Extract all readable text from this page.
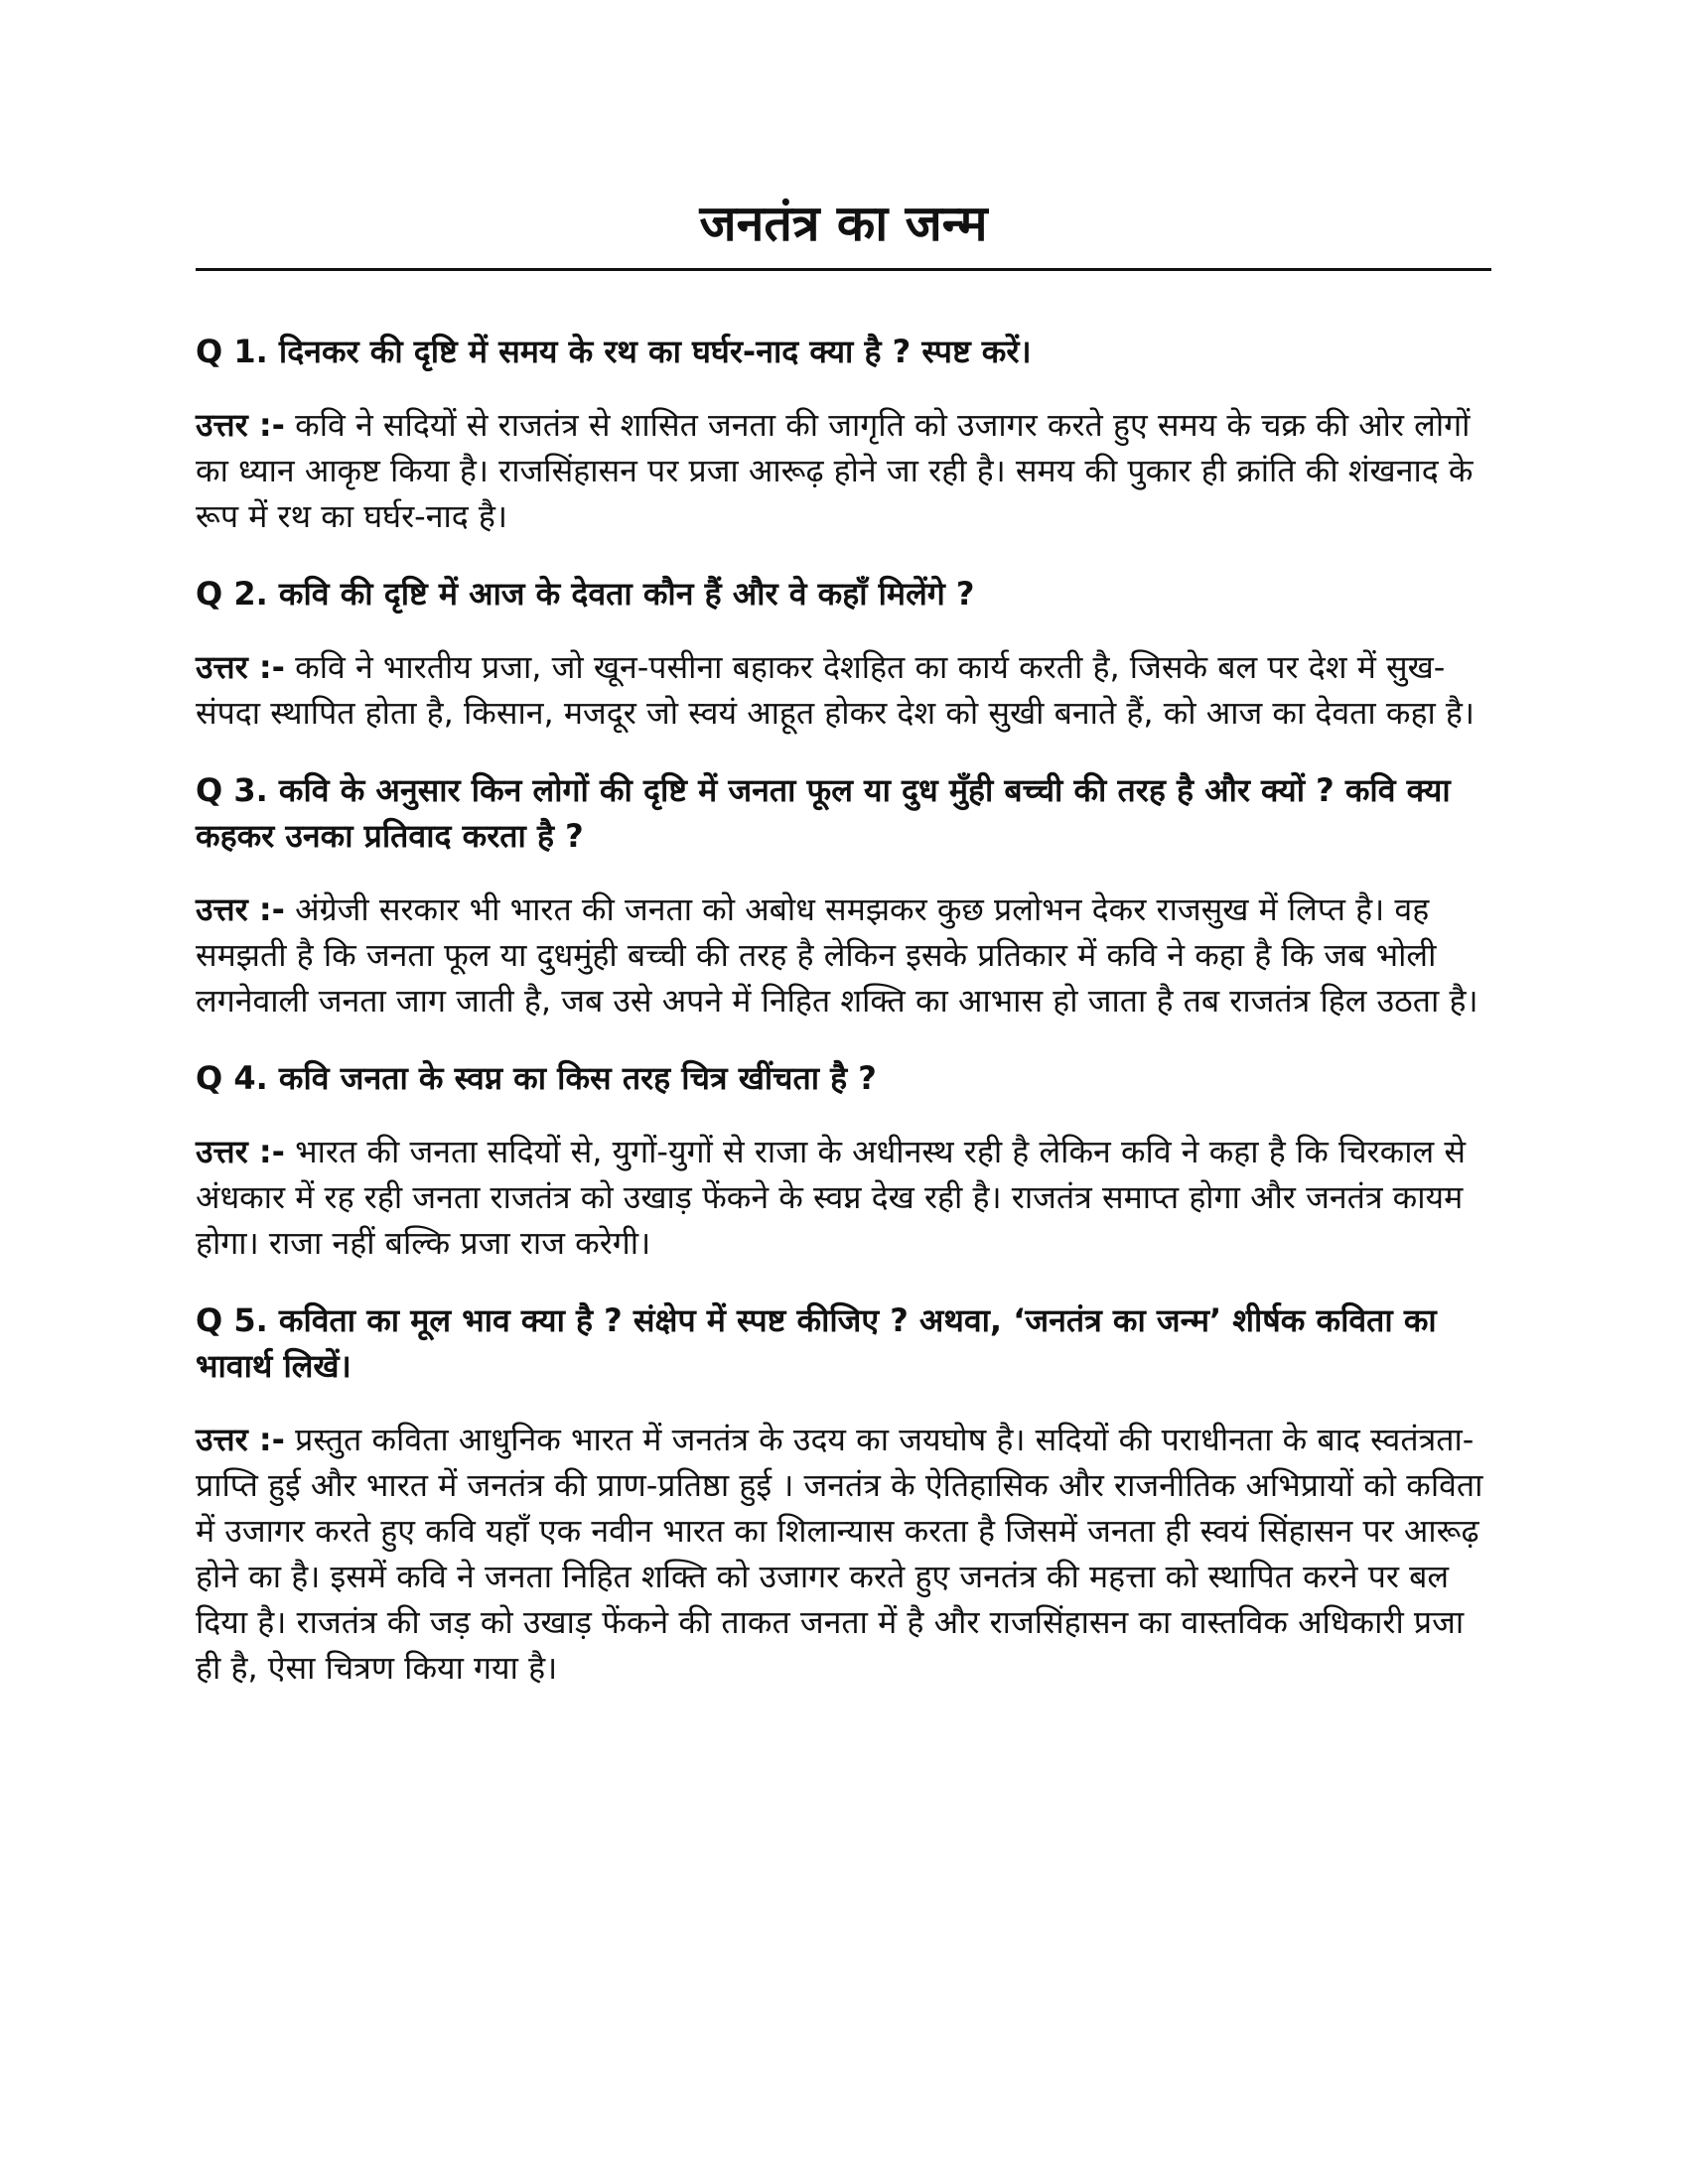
जनतंत्र का जन्म

Q 1. दिनकर की दृष्टि में समय के रथ का घर्घर-नाद क्या है ? स्पष्ट करें।

उत्तर :- कवि ने सदियों से राजतंत्र से शासित जनता की जागृति को उजागर करते हुए समय के चक्र की ओर लोगों का ध्यान आकृष्ट किया है। राजसिंहासन पर प्रजा आरूढ़ होने जा रही है। समय की पुकार ही क्रांति की शंखनाद के रूप में रथ का घर्घर-नाद है।

Q 2. कवि की दृष्टि में आज के देवता कौन हैं और वे कहाँ मिलेंगे ?

उत्तर :- कवि ने भारतीय प्रजा, जो खून-पसीना बहाकर देशहित का कार्य करती है, जिसके बल पर देश में सुख-संपदा स्थापित होता है, किसान, मजदूर जो स्वयं आहूत होकर देश को सुखी बनाते हैं, को आज का देवता कहा है।

Q 3. कवि के अनुसार किन लोगों की दृष्टि में जनता फूल या दुध मुँही बच्ची की तरह है और क्यों ? कवि क्या कहकर उनका प्रतिवाद करता है ?

उत्तर :- अंग्रेजी सरकार भी भारत की जनता को अबोध समझकर कुछ प्रलोभन देकर राजसुख में लिप्त है। वह समझती है कि जनता फूल या दुधमुंही बच्ची की तरह है लेकिन इसके प्रतिकार में कवि ने कहा है कि जब भोली लगनेवाली जनता जाग जाती है, जब उसे अपने में निहित शक्ति का आभास हो जाता है तब राजतंत्र हिल उठता है।

Q 4. कवि जनता के स्वप्न का किस तरह चित्र खींचता है ?

उत्तर :- भारत की जनता सदियों से, युगों-युगों से राजा के अधीनस्थ रही है लेकिन कवि ने कहा है कि चिरकाल से अंधकार में रह रही जनता राजतंत्र को उखाड़ फेंकने के स्वप्न देख रही है। राजतंत्र समाप्त होगा और जनतंत्र कायम होगा। राजा नहीं बल्कि प्रजा राज करेगी।

Q 5. कविता का मूल भाव क्या है ? संक्षेप में स्पष्ट कीजिए ? अथवा, ‘जनतंत्र का जन्म’ शीर्षक कविता का भावार्थ लिखें।

उत्तर :- प्रस्तुत कविता आधुनिक भारत में जनतंत्र के उदय का जयघोष है। सदियों की पराधीनता के बाद स्वतंत्रता-प्राप्ति हुई और भारत में जनतंत्र की प्राण-प्रतिष्ठा हुई । जनतंत्र के ऐतिहासिक और राजनीतिक अभिप्रायों को कविता में उजागर करते हुए कवि यहाँ एक नवीन भारत का शिलान्यास करता है जिसमें जनता ही स्वयं सिंहासन पर आरूढ़ होने का है। इसमें कवि ने जनता निहित शक्ति को उजागर करते हुए जनतंत्र की महत्ता को स्थापित करने पर बल दिया है। राजतंत्र की जड़ को उखाड़ फेंकने की ताकत जनता में है और राजसिंहासन का वास्तविक अधिकारी प्रजा ही है, ऐसा चित्रण किया गया है।
